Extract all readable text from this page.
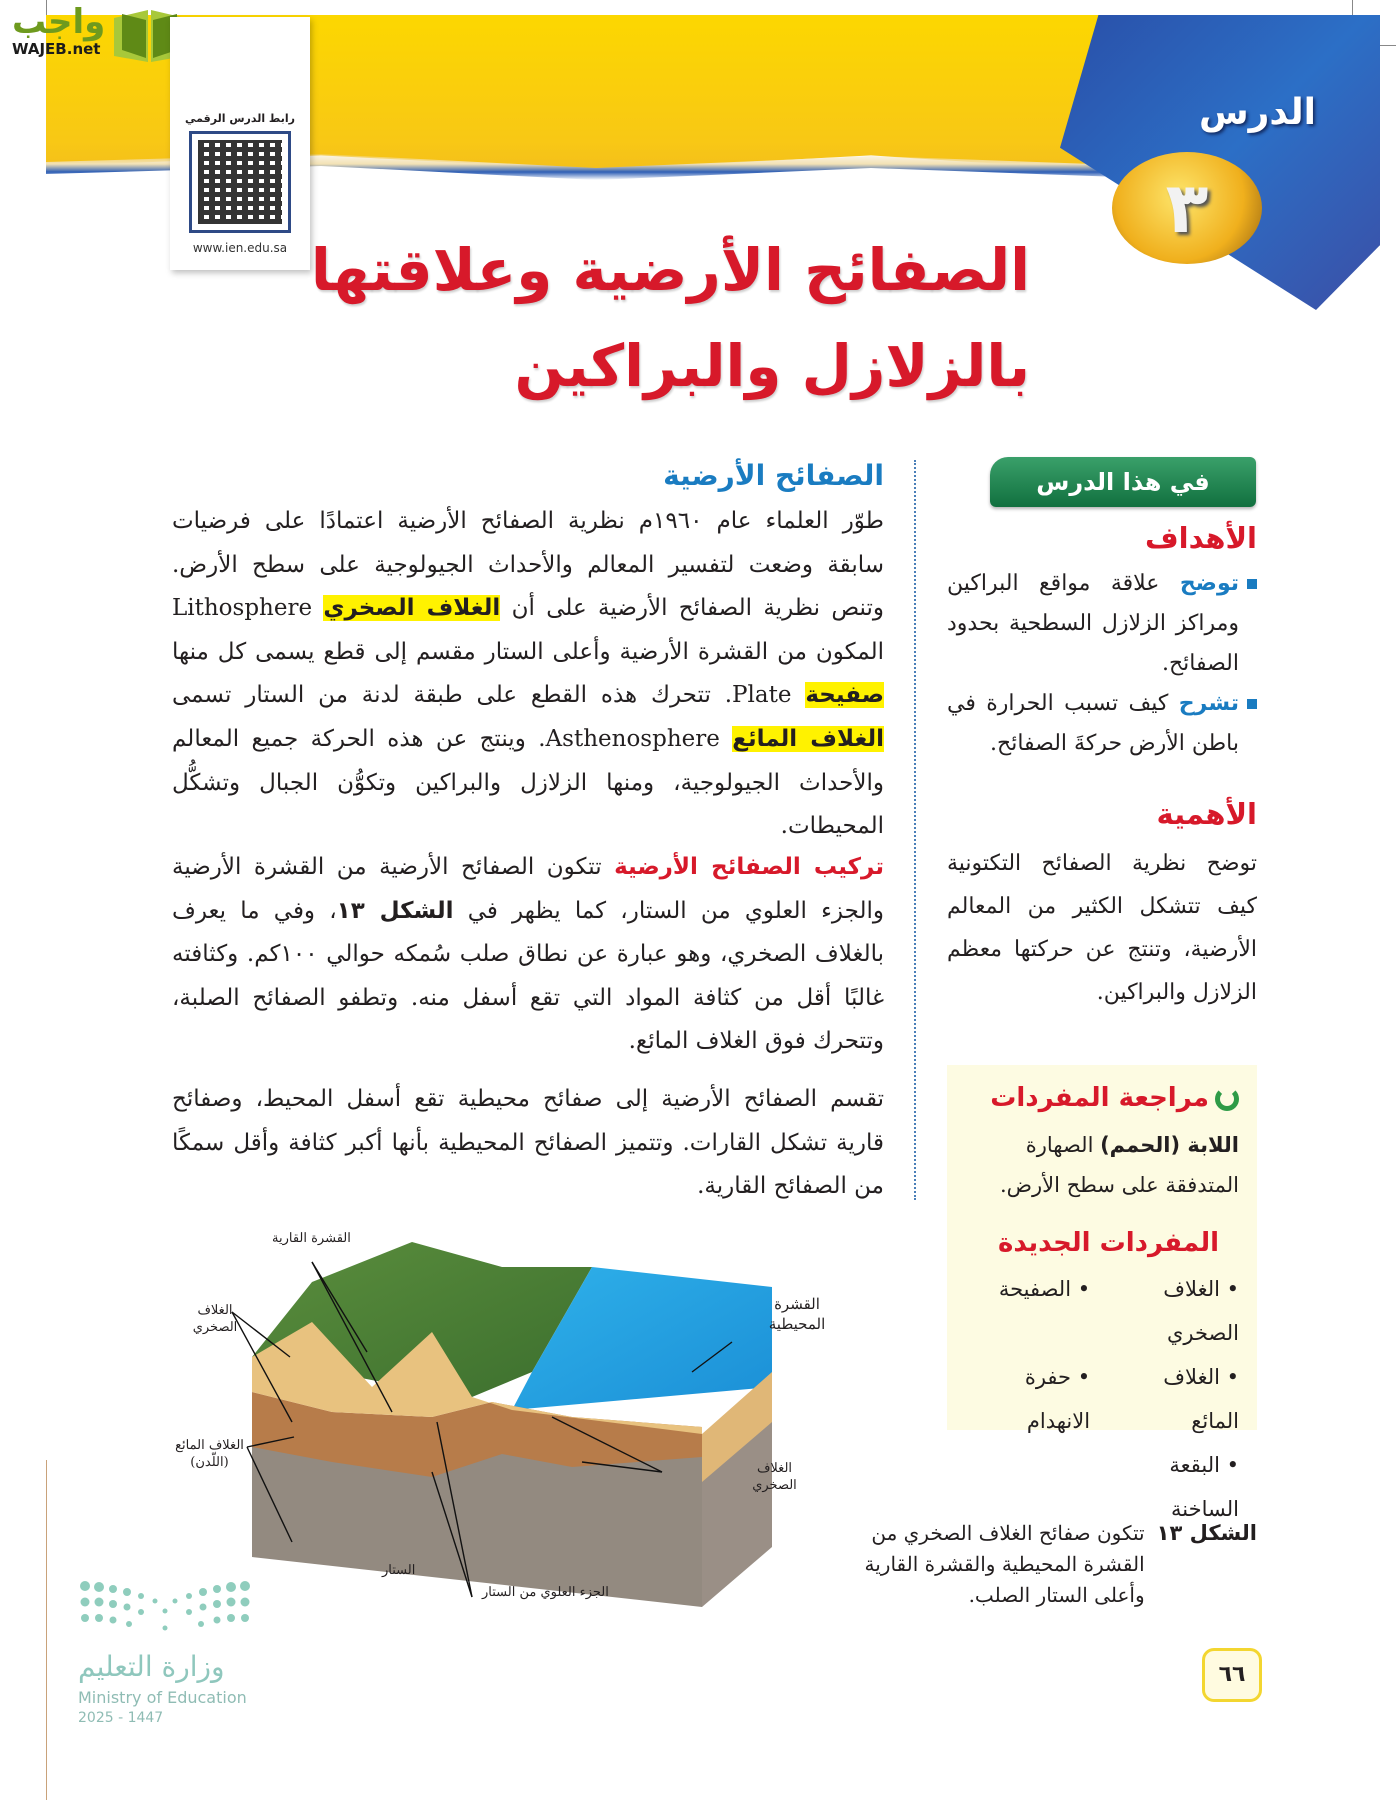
الدرس
٣
واجب
WAJEB.net
رابط الدرس الرقمي
www.ien.edu.sa الصفائح الأرضية وعلاقتها
بالزلازل والبراكين
الصفائح الأرضية

طوّر العلماء عام ١٩٦٠م نظرية الصفائح الأرضية اعتمادًا على فرضيات سابقة وضعت لتفسير المعالم والأحداث الجيولوجية على سطح الأرض. وتنص نظرية الصفائح الأرضية على أن الغلاف الصخري Lithosphere المكون من القشرة الأرضية وأعلى الستار مقسم إلى قطع يسمى كل منها صفيحة Plate. تتحرك هذه القطع على طبقة لدنة من الستار تسمى الغلاف المائع Asthenosphere. وينتج عن هذه الحركة جميع المعالم والأحداث الجيولوجية، ومنها الزلازل والبراكين وتكوُّن الجبال وتشكُّل المحيطات.

تركيب الصفائح الأرضية تتكون الصفائح الأرضية من القشرة الأرضية والجزء العلوي من الستار، كما يظهر في الشكل ١٣، وفي ما يعرف بالغلاف الصخري، وهو عبارة عن نطاق صلب سُمكه حوالي ١٠٠كم. وكثافته غالبًا أقل من كثافة المواد التي تقع أسفل منه. وتطفو الصفائح الصلبة، وتتحرك فوق الغلاف المائع.

تقسم الصفائح الأرضية إلى صفائح محيطية تقع أسفل المحيط، وصفائح قارية تشكل القارات. وتتميز الصفائح المحيطية بأنها أكبر كثافة وأقل سمكًا من الصفائح القارية.

في هذا الدرس
الأهداف
توضح علاقة مواقع البراكين ومراكز الزلازل السطحية بحدود الصفائح.
تشرح كيف تسبب الحرارة في باطن الأرض حركةَ الصفائح.
الأهمية
توضح نظرية الصفائح التكتونية كيف تتشكل الكثير من المعالم الأرضية، وتنتج عن حركتها معظم الزلازل والبراكين.
مراجعة المفردات
اللابة (الحمم) الصهارة المتدفقة على سطح الأرض.
المفردات الجديدة
• الغلاف الصخري
• الصفيحة
• الغلاف المائع
• حفرة الانهدام
• البقعة الساخنة
القشرة القارية
الغلاف الصخري
الغلاف المائع (اللّدن)
القشرة المحيطية
الغلاف الصخري
الستار
الجزء العلوي من الستار
الشكل ١٣
تتكون صفائح الغلاف الصخري من القشرة المحيطية والقشرة القارية وأعلى الستار الصلب.
٦٦
وزارة التعليم
Ministry of Education
2025 - 1447
